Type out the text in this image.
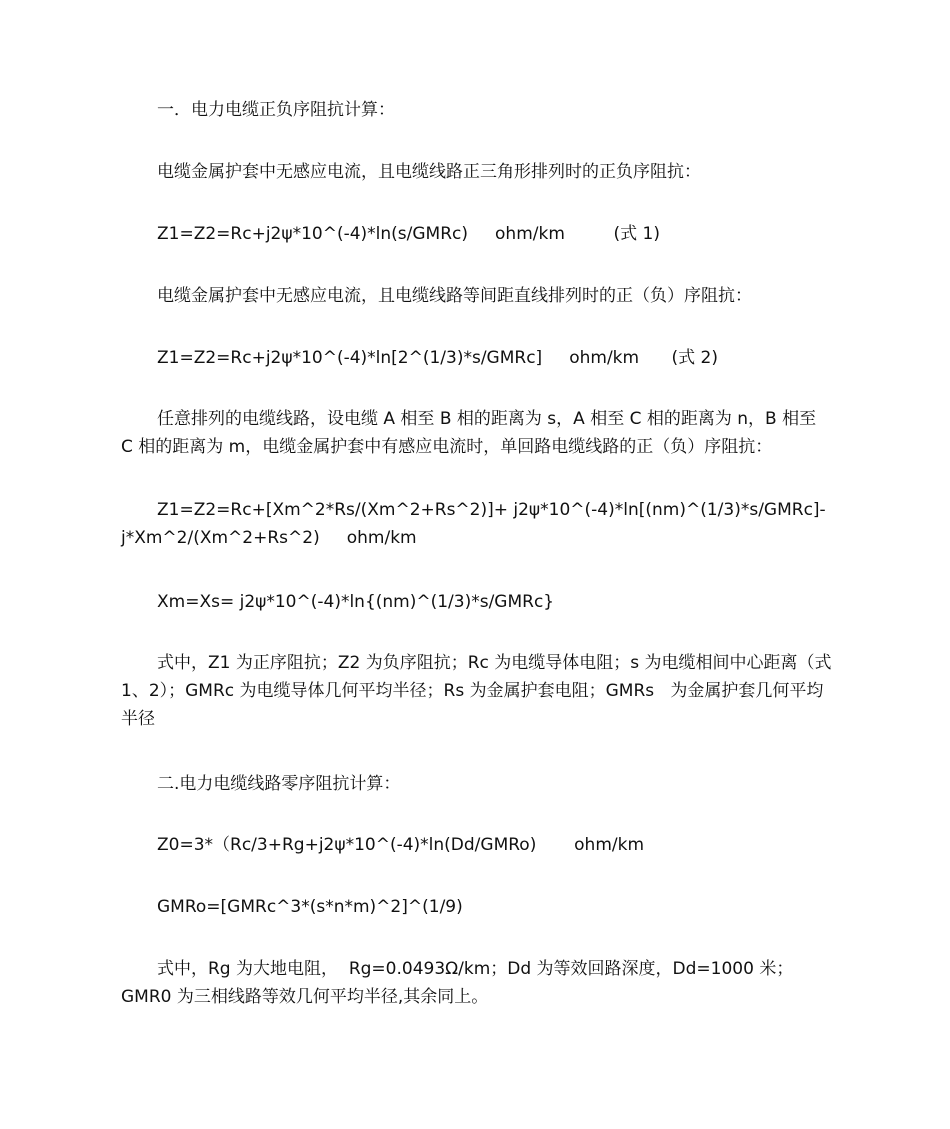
一．电力电缆正负序阻抗计算：

电缆金属护套中无感应电流，且电缆线路正三角形排列时的正负序阻抗：

Z1=Z2=Rc+j2ψ*10^(-4)*ln(s/GMRc)     ohm/km         (式 1)

电缆金属护套中无感应电流，且电缆线路等间距直线排列时的正（负）序阻抗：

Z1=Z2=Rc+j2ψ*10^(-4)*ln[2^(1/3)*s/GMRc]     ohm/km      (式 2)

任意排列的电缆线路，设电缆 A 相至 B 相的距离为 s，A 相至 C 相的距离为 n，B 相至 C 相的距离为 m，电缆金属护套中有感应电流时，单回路电缆线路的正（负）序阻抗：

Z1=Z2=Rc+[Xm^2*Rs/(Xm^2+Rs^2)]+ j2ψ*10^(-4)*ln[(nm)^(1/3)*s/GMRc]-j*Xm^2/(Xm^2+Rs^2)     ohm/km

Xm=Xs= j2ψ*10^(-4)*ln{(nm)^(1/3)*s/GMRc}

式中，Z1 为正序阻抗；Z2 为负序阻抗；Rc 为电缆导体电阻；s 为电缆相间中心距离（式 1、2）；GMRc 为电缆导体几何平均半径；Rs 为金属护套电阻；GMRs   为金属护套几何平均半径

二.电力电缆线路零序阻抗计算：

Z0=3*（Rc/3+Rg+j2ψ*10^(-4)*ln(Dd/GMRo)       ohm/km

GMRo=[GMRc^3*(s*n*m)^2]^(1/9)

式中，Rg 为大地电阻，  Rg=0.0493Ω/km；Dd 为等效回路深度，Dd=1000 米；GMR0 为三相线路等效几何平均半径,其余同上。
